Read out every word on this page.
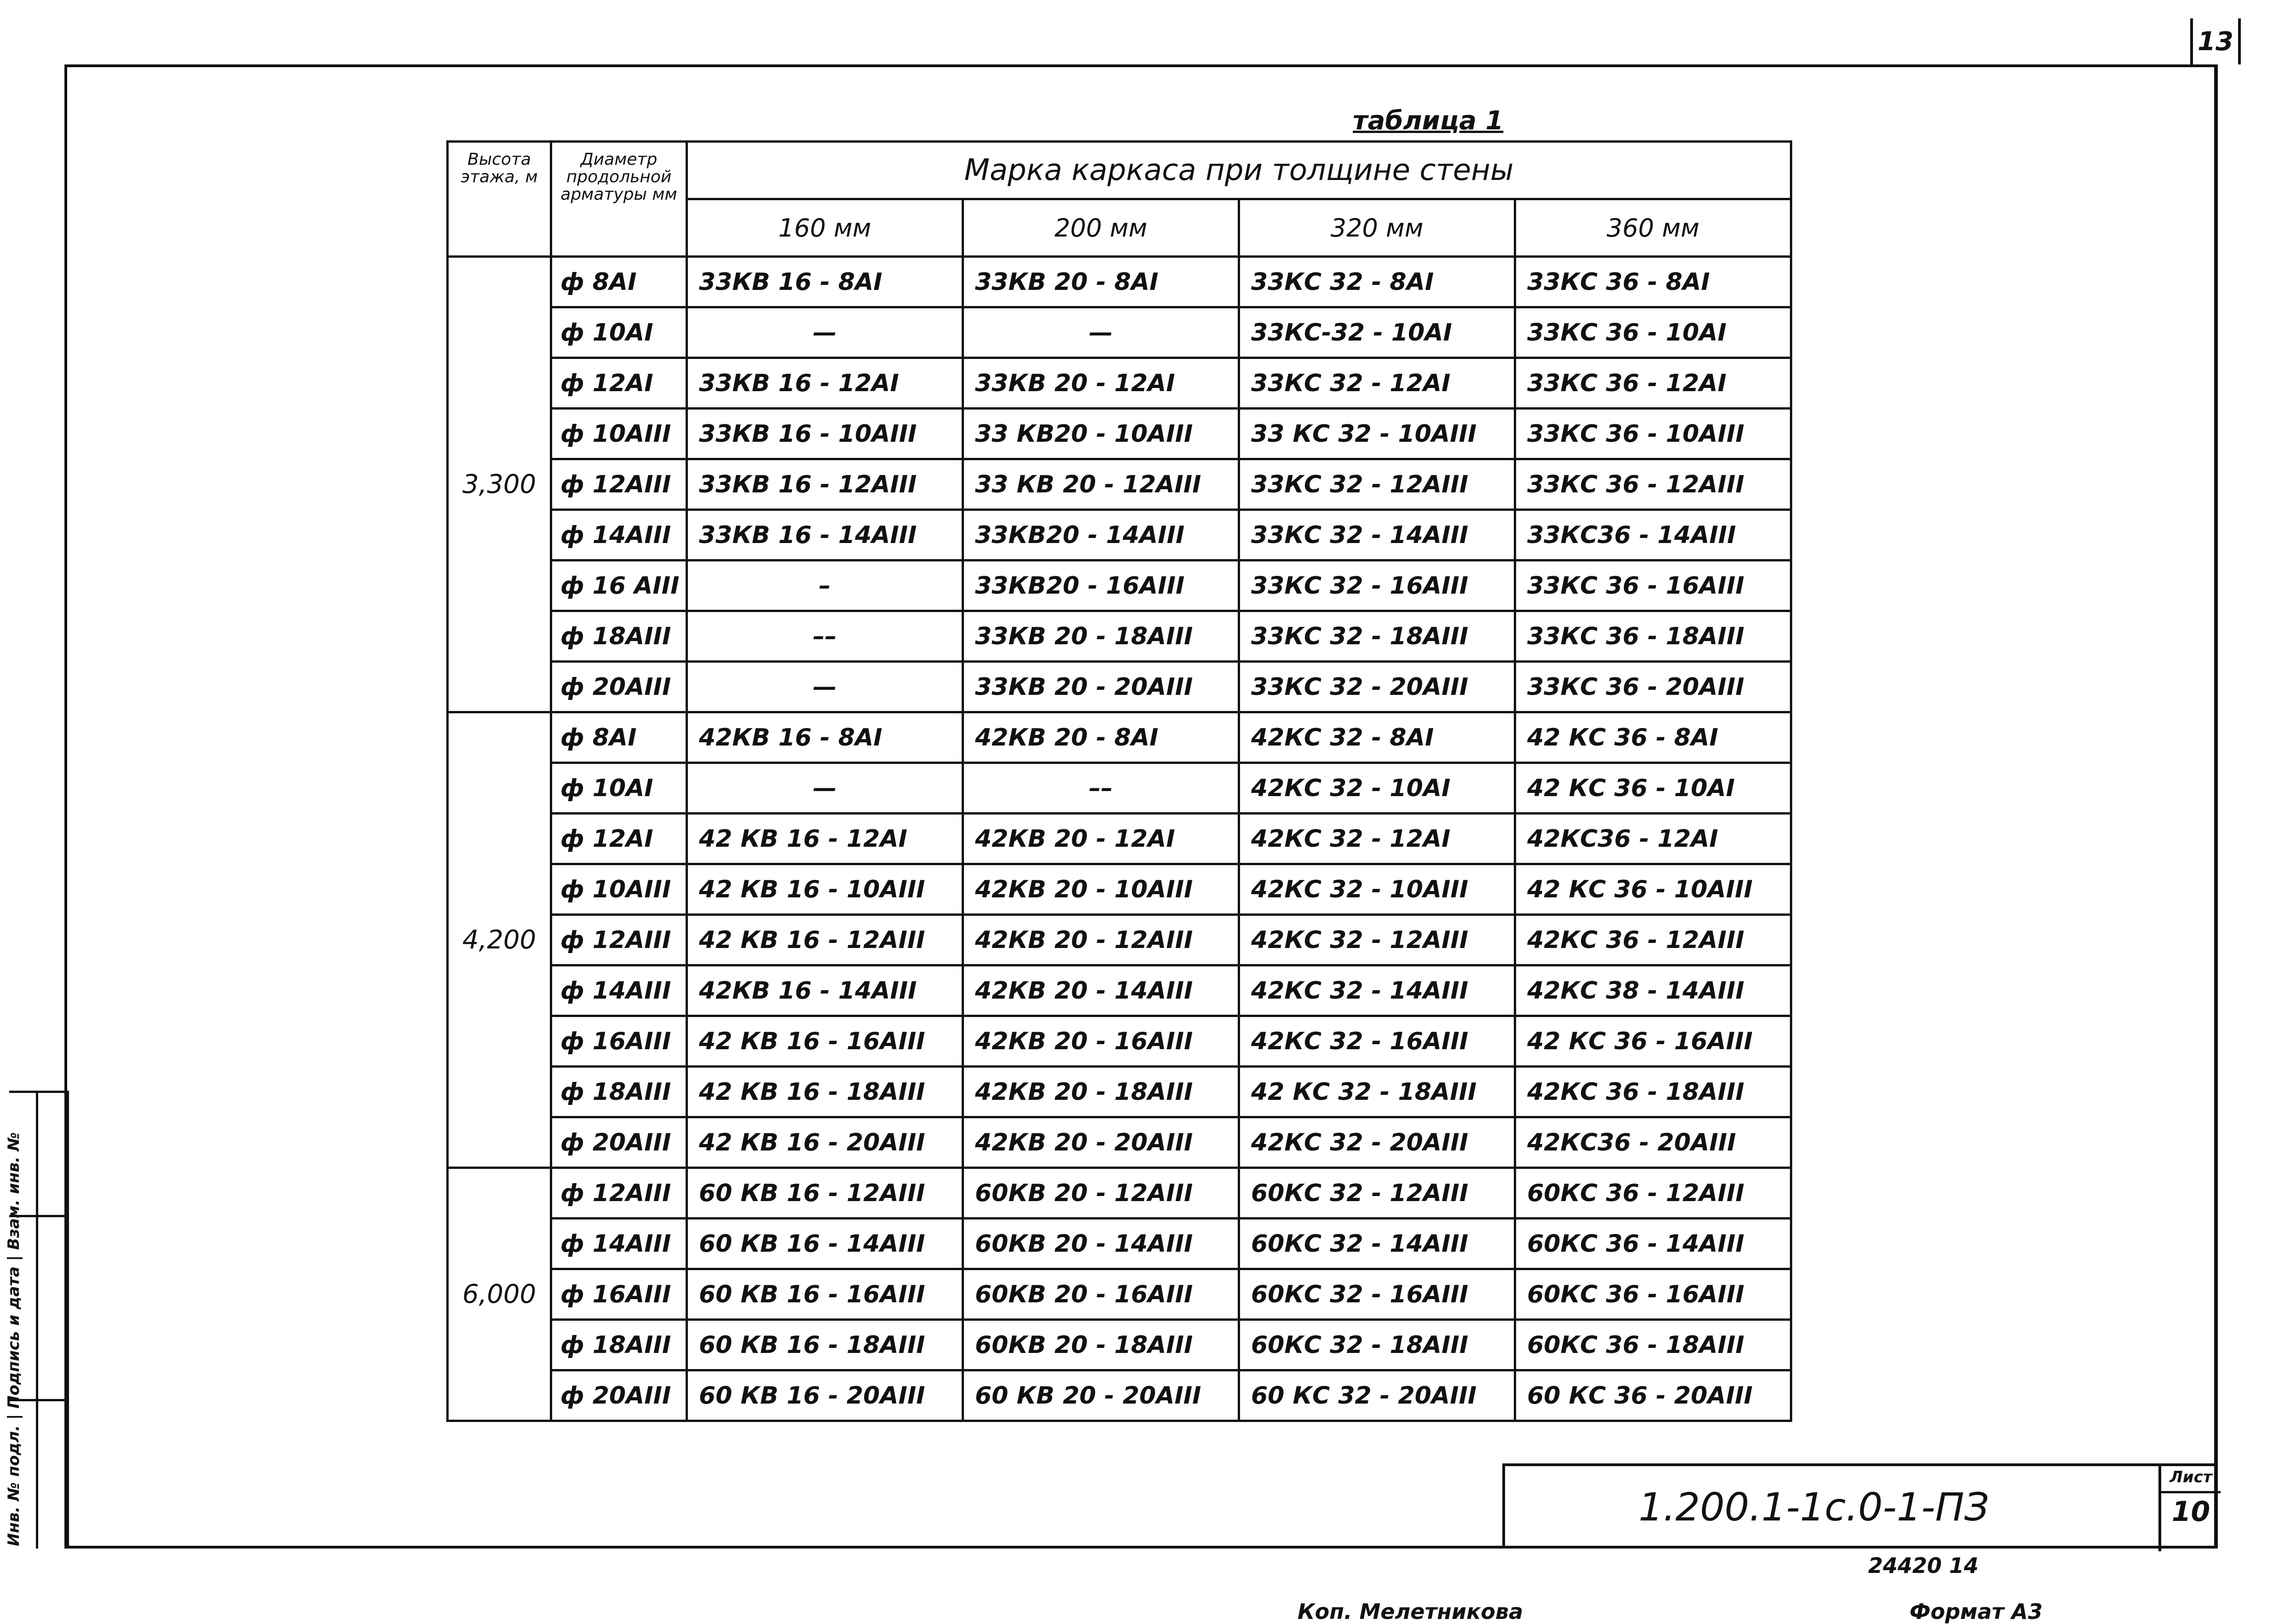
13
Инв. № подл. | Подпись и дата | Взам. инв. №
таблица 1
Высота этажа, м	Диаметр продольной арматуры мм	Марка каркаса при толщине стены			
		160 мм	200 мм	320 мм	360 мм
3,300	ф 8AI	33КВ 16 - 8AI	33КВ 20 - 8AI	33КС 32 - 8AI	33КС 36 - 8AI
	ф 10AI	—	—	33КС-32 - 10AI	33КС 36 - 10AI
	ф 12AI	33КВ 16 - 12AI	33КВ 20 - 12AI	33КС 32 - 12AI	33КС 36 - 12AI
	ф 10AIII	33КВ 16 - 10AIII	33 КВ20 - 10AIII	33 КС 32 - 10AIII	33КС 36 - 10AIII
	ф 12AIII	33КВ 16 - 12AIII	33 КВ 20 - 12AIII	33КС 32 - 12AIII	33КС 36 - 12AIII
	ф 14AIII	33КВ 16 - 14AIII	33КВ20 - 14AIII	33КС 32 - 14AIII	33КС36 - 14AIII
	ф 16 AIII	–	33КВ20 - 16AIII	33КС 32 - 16AIII	33КС 36 - 16AIII
	ф 18AIII	––	33КВ 20 - 18AIII	33КС 32 - 18AIII	33КС 36 - 18AIII
	ф 20AIII	—	33КВ 20 - 20AIII	33КС 32 - 20AIII	33КС 36 - 20AIII
4,200	ф 8AI	42КВ 16 - 8AI	42КВ 20 - 8AI	42КС 32 - 8AI	42 КС 36 - 8AI
	ф 10AI	—	––	42КС 32 - 10AI	42 КС 36 - 10AI
	ф 12AI	42 КВ 16 - 12AI	42КВ 20 - 12AI	42КС 32 - 12AI	42КС36 - 12AI
	ф 10AIII	42 КВ 16 - 10AIII	42КВ 20 - 10AIII	42КС 32 - 10AIII	42 КС 36 - 10AIII
	ф 12AIII	42 КВ 16 - 12AIII	42КВ 20 - 12AIII	42КС 32 - 12AIII	42КС 36 - 12AIII
	ф 14AIII	42КВ 16 - 14AIII	42КВ 20 - 14AIII	42КС 32 - 14AIII	42КС 38 - 14AIII
	ф 16AIII	42 КВ 16 - 16AIII	42КВ 20 - 16AIII	42КС 32 - 16AIII	42 КС 36 - 16AIII
	ф 18AIII	42 КВ 16 - 18AIII	42КВ 20 - 18AIII	42 КС 32 - 18AIII	42КС 36 - 18AIII
	ф 20AIII	42 КВ 16 - 20AIII	42КВ 20 - 20AIII	42КС 32 - 20AIII	42КС36 - 20AIII
6,000	ф 12AIII	60 КВ 16 - 12AIII	60КВ 20 - 12AIII	60КС 32 - 12AIII	60КС 36 - 12AIII
	ф 14AIII	60 КВ 16 - 14AIII	60КВ 20 - 14AIII	60КС 32 - 14AIII	60КС 36 - 14AIII
	ф 16AIII	60 КВ 16 - 16AIII	60КВ 20 - 16AIII	60КС 32 - 16AIII	60КС 36 - 16AIII
	ф 18AIII	60 КВ 16 - 18AIII	60КВ 20 - 18AIII	60КС 32 - 18AIII	60КС 36 - 18AIII
	ф 20AIII	60 КВ 16 - 20AIII	60 КВ 20 - 20AIII	60 КС 32 - 20AIII	60 КС 36 - 20AIII
1.200.1-1с.0-1-ПЗ
Лист
10
24420 14
Коп. Мелетникова	Формат А3
